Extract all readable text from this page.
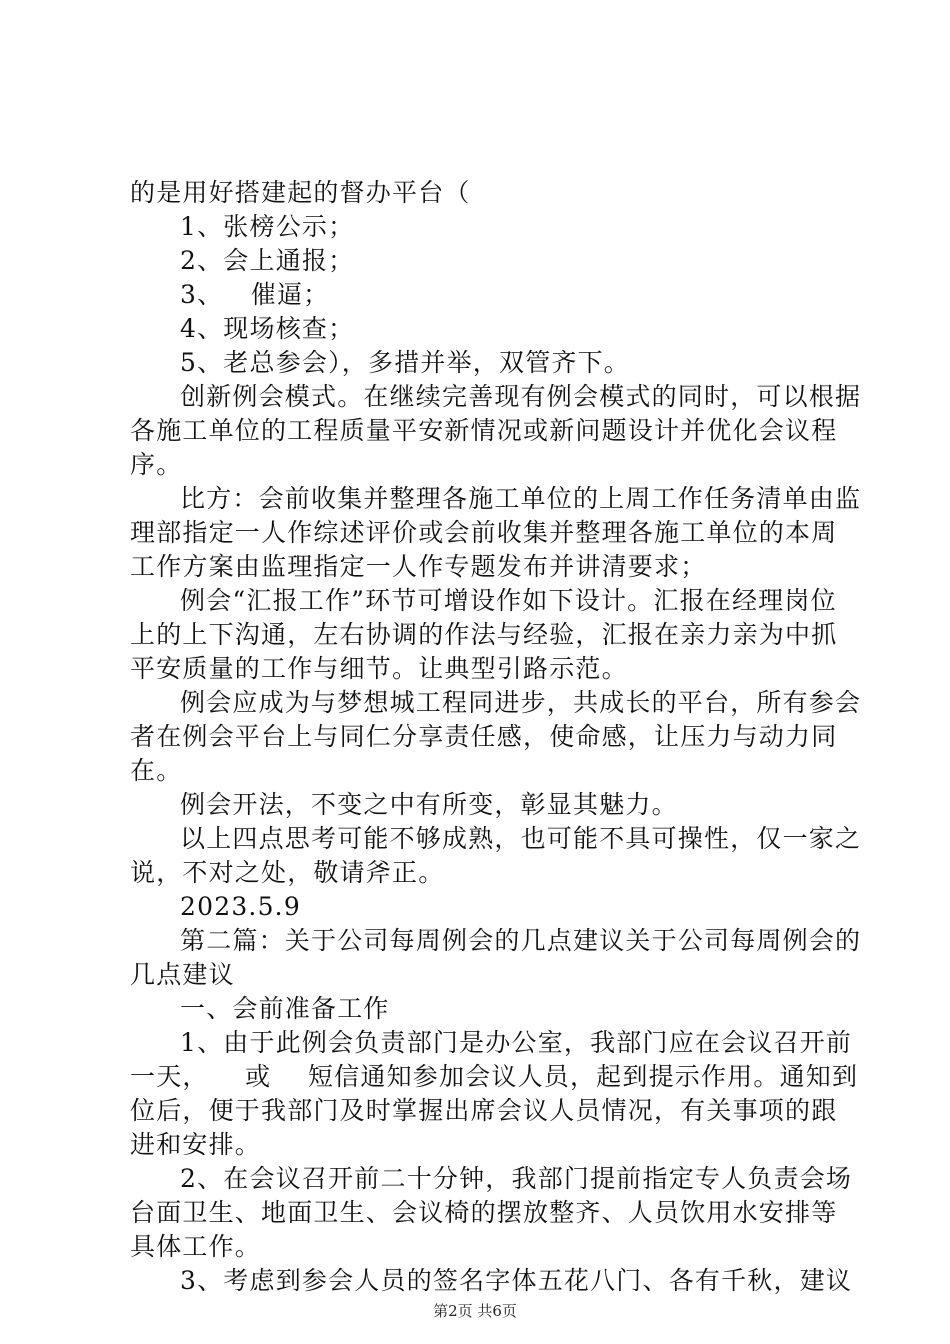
的是用好搭建起的督办平台（
1、张榜公示；
2、会上通报；
3、   催逼；
4、现场核查；
5、老总参会），多措并举，双管齐下。
创新例会模式。在继续完善现有例会模式的同时，可以根据
各施工单位的工程质量平安新情况或新问题设计并优化会议程
序。
比方：会前收集并整理各施工单位的上周工作任务清单由监
理部指定一人作综述评价或会前收集并整理各施工单位的本周
工作方案由监理指定一人作专题发布并讲清要求；
例会“汇报工作”环节可增设作如下设计。汇报在经理岗位
上的上下沟通，左右协调的作法与经验，汇报在亲力亲为中抓
平安质量的工作与细节。让典型引路示范。
例会应成为与梦想城工程同进步，共成长的平台，所有参会
者在例会平台上与同仁分享责任感，使命感，让压力与动力同
在。
例会开法，不变之中有所变，彰显其魅力。
以上四点思考可能不够成熟，也可能不具可操性，仅一家之
说，不对之处，敬请斧正。
2023.5.9
第二篇：关于公司每周例会的几点建议关于公司每周例会的
几点建议
一、会前准备工作
1、由于此例会负责部门是办公室，我部门应在会议召开前
一天，    或    短信通知参加会议人员，起到提示作用。通知到
位后，便于我部门及时掌握出席会议人员情况，有关事项的跟
进和安排。
2、在会议召开前二十分钟，我部门提前指定专人负责会场
台面卫生、地面卫生、会议椅的摆放整齐、人员饮用水安排等
具体工作。
3、考虑到参会人员的签名字体五花八门、各有千秋，建议
第2页 共6页
